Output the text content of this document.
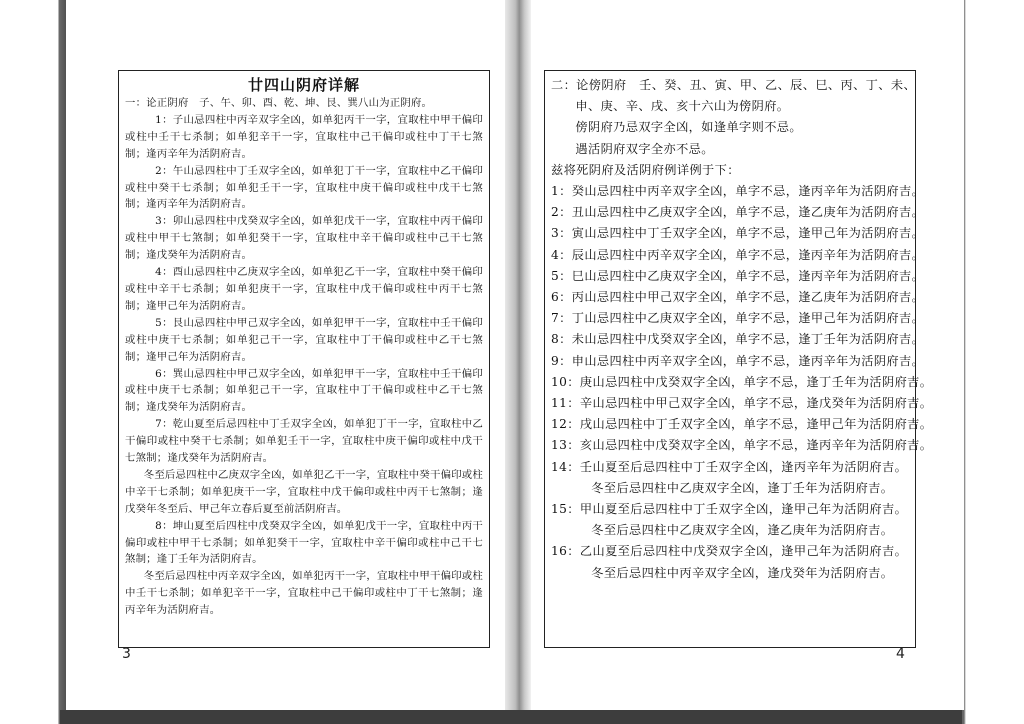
廿四山阴府详解

一：论正阴府　子、午、卯、酉、乾、坤、艮、巽八山为正阴府。

1：子山忌四柱中丙辛双字全凶，如单犯丙干一字，宜取柱中甲干偏印或柱中壬干七杀制；如单犯辛干一字，宜取柱中己干偏印或柱中丁干七煞制；逢丙辛年为活阴府吉。

2：午山忌四柱中丁壬双字全凶，如单犯丁干一字，宜取柱中乙干偏印或柱中癸干七杀制；如单犯壬干一字，宜取柱中庚干偏印或柱中戊干七煞制；逢丙辛年为活阴府吉。

3：卯山忌四柱中戊癸双字全凶，如单犯戊干一字，宜取柱中丙干偏印或柱中甲干七煞制；如单犯癸干一字，宜取柱中辛干偏印或柱中己干七煞制；逢戊癸年为活阴府吉。

4：酉山忌四柱中乙庚双字全凶，如单犯乙干一字，宜取柱中癸干偏印或柱中辛干七杀制；如单犯庚干一字，宜取柱中戊干偏印或柱中丙干七煞制；逢甲己年为活阴府吉。

5：艮山忌四柱中甲己双字全凶，如单犯甲干一字，宜取柱中壬干偏印或柱中庚干七杀制；如单犯己干一字，宜取柱中丁干偏印或柱中乙干七煞制；逢甲己年为活阴府吉。

6：巽山忌四柱中甲己双字全凶，如单犯甲干一字，宜取柱中壬干偏印或柱中庚干七杀制；如单犯己干一字，宜取柱中丁干偏印或柱中乙干七煞制；逢戊癸年为活阴府吉。

7：乾山夏至后忌四柱中丁壬双字全凶，如单犯丁干一字，宜取柱中乙干偏印或柱中癸干七杀制；如单犯壬干一字，宜取柱中庚干偏印或柱中戊干七煞制；逢戊癸年为活阴府吉。

冬至后忌四柱中乙庚双字全凶，如单犯乙干一字，宜取柱中癸干偏印或柱中辛干七杀制；如单犯庚干一字，宜取柱中戊干偏印或柱中丙干七煞制；逢戊癸年冬至后、甲己年立春后夏至前活阴府吉。

8：坤山夏至后四柱中戊癸双字全凶，如单犯戊干一字，宜取柱中丙干偏印或柱中甲干七杀制；如单犯癸干一字，宜取柱中辛干偏印或柱中己干七煞制；逢丁壬年为活阴府吉。

冬至后忌四柱中丙辛双字全凶，如单犯丙干一字，宜取柱中甲干偏印或柱中壬干七杀制；如单犯辛干一字，宜取柱中己干偏印或柱中丁干七煞制；逢丙辛年为活阴府吉。

3

二：论傍阴府　壬、癸、丑、寅、甲、乙、辰、巳、丙、丁、未、

申、庚、辛、戌、亥十六山为傍阴府。

傍阴府乃忌双字全凶，如逢单字则不忌。

遇活阴府双字全亦不忌。

兹将死阴府及活阴府例详例于下：

1：癸山忌四柱中丙辛双字全凶，单字不忌，逢丙辛年为活阴府吉。

2：丑山忌四柱中乙庚双字全凶，单字不忌，逢乙庚年为活阴府吉。

3：寅山忌四柱中丁壬双字全凶，单字不忌，逢甲己年为活阴府吉。

4：辰山忌四柱中丙辛双字全凶，单字不忌，逢丙辛年为活阴府吉。

5：巳山忌四柱中乙庚双字全凶，单字不忌，逢丙辛年为活阴府吉。

6：丙山忌四柱中甲己双字全凶，单字不忌，逢乙庚年为活阴府吉。

7：丁山忌四柱中乙庚双字全凶，单字不忌，逢甲己年为活阴府吉。

8：未山忌四柱中戊癸双字全凶，单字不忌，逢丁壬年为活阴府吉。

9：申山忌四柱中丙辛双字全凶，单字不忌，逢丙辛年为活阴府吉。

10：庚山忌四柱中戊癸双字全凶，单字不忌，逢丁壬年为活阴府吉。

11：辛山忌四柱中甲己双字全凶，单字不忌，逢戊癸年为活阴府吉。

12：戌山忌四柱中丁壬双字全凶，单字不忌，逢甲己年为活阴府吉。

13：亥山忌四柱中戊癸双字全凶，单字不忌，逢丙辛年为活阴府吉。

14：壬山夏至后忌四柱中丁壬双字全凶，逢丙辛年为活阴府吉。

冬至后忌四柱中乙庚双字全凶，逢丁壬年为活阴府吉。

15：甲山夏至后忌四柱中丁壬双字全凶，逢甲己年为活阴府吉。

冬至后忌四柱中乙庚双字全凶，逢乙庚年为活阴府吉。

16：乙山夏至后忌四柱中戊癸双字全凶，逢甲己年为活阴府吉。

冬至后忌四柱中丙辛双字全凶，逢戊癸年为活阴府吉。

4
